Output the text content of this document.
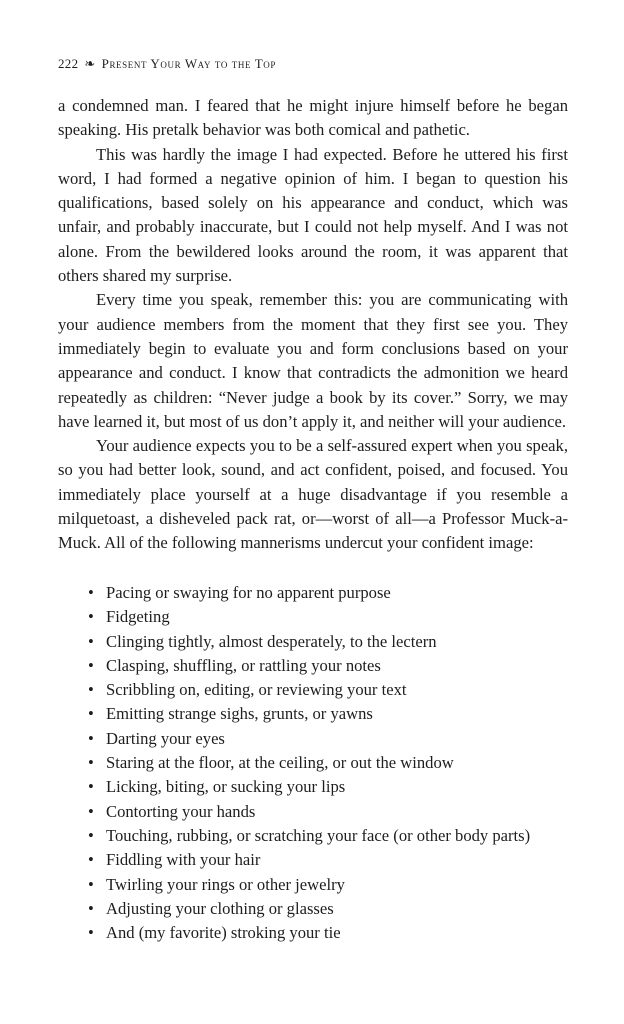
222 ❧ Present Your Way to the Top

a condemned man. I feared that he might injure himself before he began speaking. His pretalk behavior was both comical and pathetic.

This was hardly the image I had expected. Before he uttered his first word, I had formed a negative opinion of him. I began to question his qualifications, based solely on his appearance and conduct, which was unfair, and probably inaccurate, but I could not help myself. And I was not alone. From the bewildered looks around the room, it was apparent that others shared my surprise.

Every time you speak, remember this: you are communicating with your audience members from the moment that they first see you. They immediately begin to evaluate you and form conclusions based on your appearance and conduct. I know that contradicts the admonition we heard repeatedly as children: “Never judge a book by its cover.” Sorry, we may have learned it, but most of us don’t apply it, and neither will your audience.

Your audience expects you to be a self-assured expert when you speak, so you had better look, sound, and act confident, poised, and focused. You immediately place yourself at a huge disadvantage if you resemble a milquetoast, a disheveled pack rat, or—worst of all—a Professor Muck-a-Muck. All of the following mannerisms undercut your confident image:

• Pacing or swaying for no apparent purpose
• Fidgeting
• Clinging tightly, almost desperately, to the lectern
• Clasping, shuffling, or rattling your notes
• Scribbling on, editing, or reviewing your text
• Emitting strange sighs, grunts, or yawns
• Darting your eyes
• Staring at the floor, at the ceiling, or out the window
• Licking, biting, or sucking your lips
• Contorting your hands
• Touching, rubbing, or scratching your face (or other body parts)
• Fiddling with your hair
• Twirling your rings or other jewelry
• Adjusting your clothing or glasses
• And (my favorite) stroking your tie
